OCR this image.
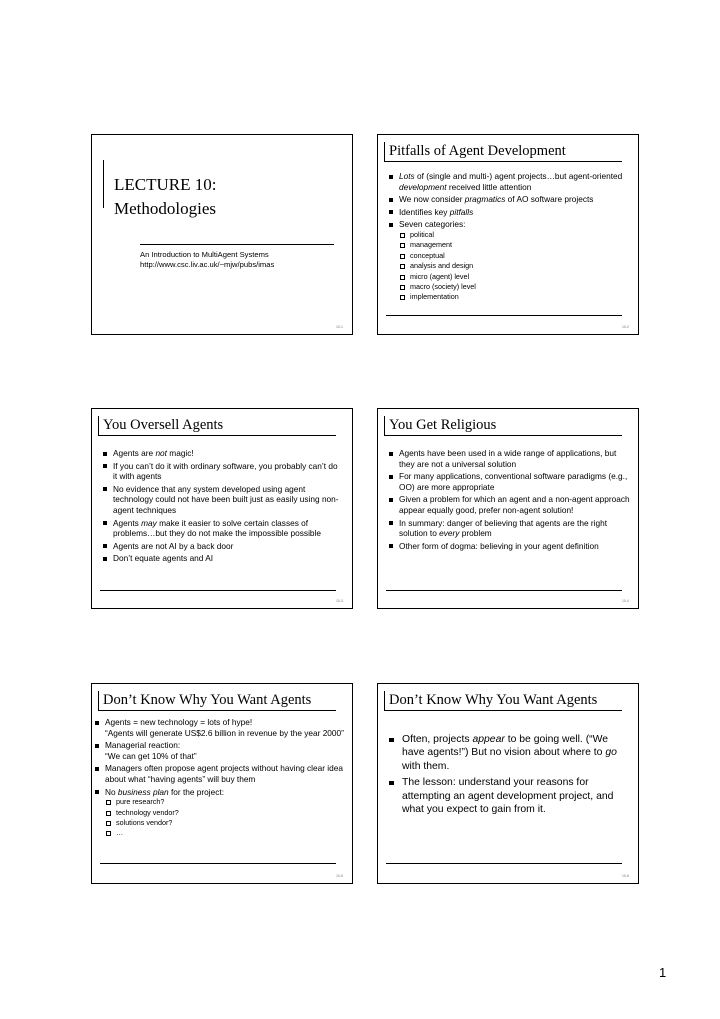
LECTURE 10:
Methodologies
An Introduction to MultiAgent Systems
http://www.csc.liv.ac.uk/~mjw/pubs/imas
10-1
Pitfalls of Agent Development
Lots of (single and multi-) agent projects…but agent-oriented development received little attention
We now consider pragmatics of AO software projects
Identifies key pitfalls
Seven categories:
political
management
conceptual
analysis and design
micro (agent) level
macro (society) level
implementation
10-2
You Oversell Agents
Agents are not magic!
If you can’t do it with ordinary software, you probably can’t do it with agents
No evidence that any system developed using agent technology could not have been built just as easily using non-agent techniques
Agents may make it easier to solve certain classes of problems…but they do not make the impossible possible
Agents are not AI by a back door
Don’t equate agents and AI
10-3
You Get Religious
Agents have been used in a wide range of applications, but they are not a universal solution
For many applications, conventional software paradigms (e.g., OO) are more appropriate
Given a problem for which an agent and a non-agent approach appear equally good, prefer non-agent solution!
In summary: danger of believing that agents are the right solution to every problem
Other form of dogma: believing in your agent definition
10-4
Don’t Know Why You Want Agents
Agents = new technology = lots of hype!
“Agents will generate US$2.6 billion in revenue by the year 2000”
Managerial reaction:
“We can get 10% of that”
Managers often propose agent projects without having clear idea about what “having agents” will buy them
No business plan for the project:
pure research?
technology vendor?
solutions vendor?
…
10-5
Don’t Know Why You Want Agents
Often, projects appear to be going well. (“We have agents!”) But no vision about where to go with them.
The lesson: understand your reasons for attempting an agent development project, and what you expect to gain from it.
10-6
1
